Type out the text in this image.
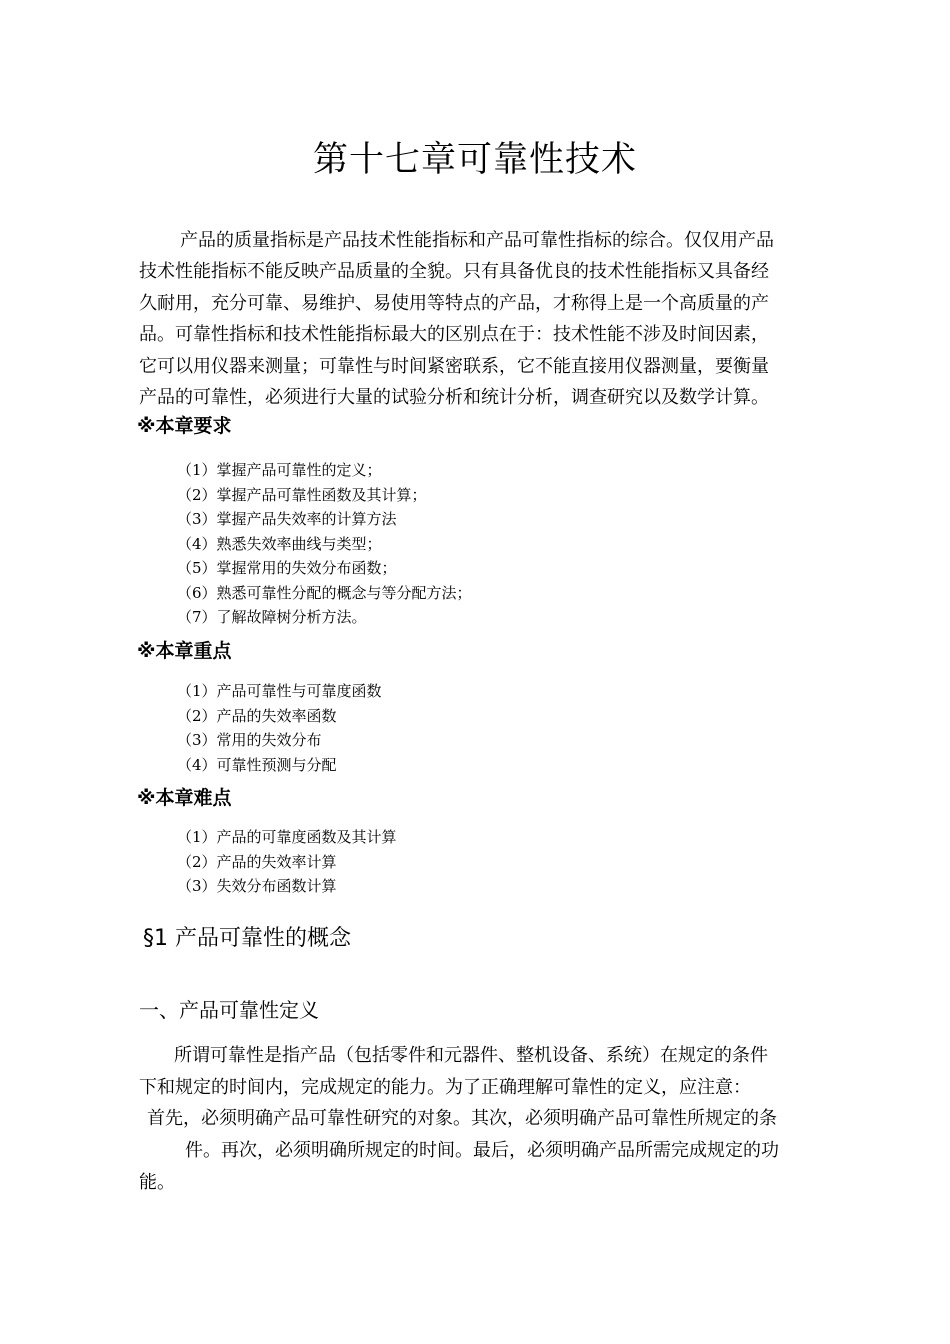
第十七章可靠性技术
产品的质量指标是产品技术性能指标和产品可靠性指标的综合。仅仅用产品
技术性能指标不能反映产品质量的全貌。只有具备优良的技术性能指标又具备经
久耐用，充分可靠、易维护、易使用等特点的产品，才称得上是一个高质量的产
品。可靠性指标和技术性能指标最大的区别点在于：技术性能不涉及时间因素，
它可以用仪器来测量；可靠性与时间紧密联系，它不能直接用仪器测量，要衡量
产品的可靠性，必须进行大量的试验分析和统计分析，调查研究以及数学计算。
※本章要求
（1）掌握产品可靠性的定义；
（2）掌握产品可靠性函数及其计算；
（3）掌握产品失效率的计算方法
（4）熟悉失效率曲线与类型；
（5）掌握常用的失效分布函数；
（6）熟悉可靠性分配的概念与等分配方法；
（7）了解故障树分析方法。
※本章重点
（1）产品可靠性与可靠度函数
（2）产品的失效率函数
（3）常用的失效分布
（4）可靠性预测与分配
※本章难点
（1）产品的可靠度函数及其计算
（2）产品的失效率计算
（3）失效分布函数计算
§1 产品可靠性的概念
一、产品可靠性定义
所谓可靠性是指产品（包括零件和元器件、整机设备、系统）在规定的条件
下和规定的时间内，完成规定的能力。为了正确理解可靠性的定义，应注意：
首先，必须明确产品可靠性研究的对象。其次，必须明确产品可靠性所规定的条
件。再次，必须明确所规定的时间。最后，必须明确产品所需完成规定的功
能。
